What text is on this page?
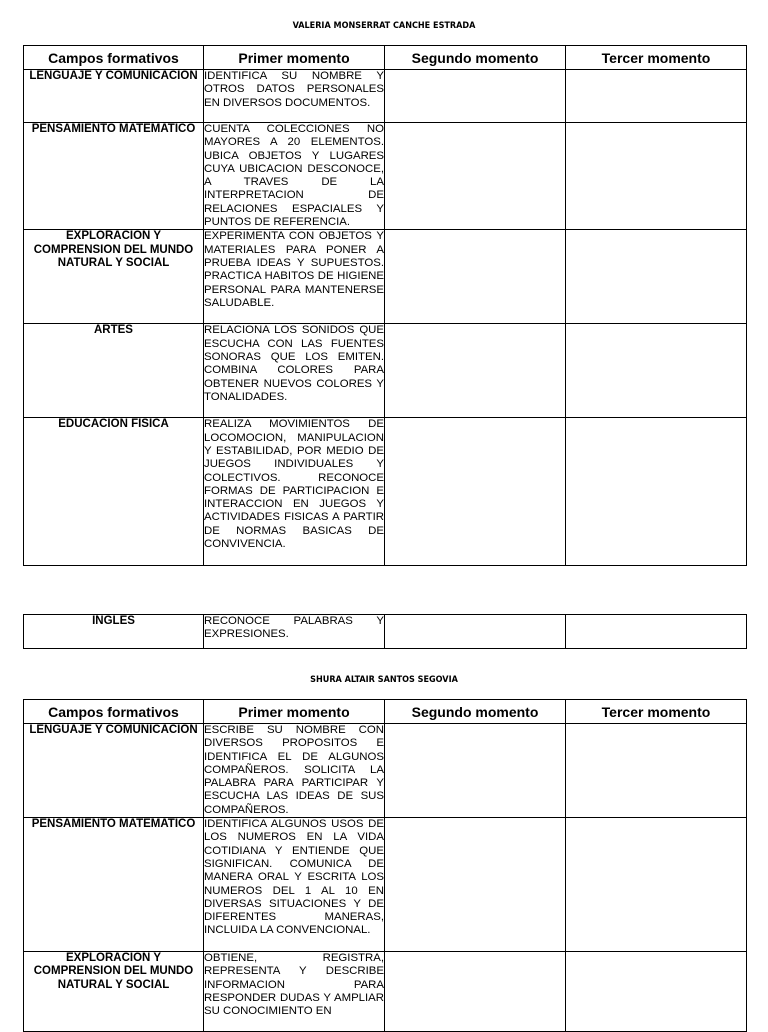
VALERIA MONSERRAT CANCHE ESTRADA
Campos formativos	Primer momento	Segundo momento	Tercer momento
LENGUAJE Y COMUNICACIÓN	IDENTIFICA SU NOMBRE Y OTROS DATOS PERSONALES EN DIVERSOS DOCUMENTOS.		
PENSAMIENTO MATEMATICO	CUENTA COLECCIONES NO MAYORES A 20 ELEMENTOS. UBICA OBJETOS Y LUGARES CUYA UBICACION DESCONOCE, A TRAVES DE LA INTERPRETACION DE RELACIONES ESPACIALES Y PUNTOS DE REFERENCIA.		
EXPLORACION Y COMPRENSION DEL MUNDO NATURAL Y SOCIAL	EXPERIMENTA CON OBJETOS Y MATERIALES PARA PONER A PRUEBA IDEAS Y SUPUESTOS. PRACTICA HABITOS DE HIGIENE PERSONAL PARA MANTENERSE SALUDABLE.		
ARTES	RELACIONA LOS SONIDOS QUE ESCUCHA CON LAS FUENTES SONORAS QUE LOS EMITEN. COMBINA COLORES PARA OBTENER NUEVOS COLORES Y TONALIDADES.		
EDUCACION FISICA	REALIZA MOVIMIENTOS DE LOCOMOCION, MANIPULACION Y ESTABILIDAD, POR MEDIO DE JUEGOS INDIVIDUALES Y COLECTIVOS. RECONOCE FORMAS DE PARTICIPACION E INTERACCION EN JUEGOS Y ACTIVIDADES FISICAS A PARTIR DE NORMAS BASICAS DE CONVIVENCIA.		
INGLES	RECONOCE PALABRAS Y EXPRESIONES.		
SHURA ALTAIR SANTOS SEGOVIA
Campos formativos	Primer momento	Segundo momento	Tercer momento
LENGUAJE Y COMUNICACIÓN	ESCRIBE SU NOMBRE CON DIVERSOS PROPOSITOS E IDENTIFICA EL DE ALGUNOS COMPAÑEROS. SOLICITA LA PALABRA PARA PARTICIPAR Y ESCUCHA LAS IDEAS DE SUS COMPAÑEROS.		
PENSAMIENTO MATEMATICO	IDENTIFICA ALGUNOS USOS DE LOS NUMEROS EN LA VIDA COTIDIANA Y ENTIENDE QUE SIGNIFICAN. COMUNICA DE MANERA ORAL Y ESCRITA LOS NUMEROS DEL 1 AL 10 EN DIVERSAS SITUACIONES Y DE DIFERENTES MANERAS, INCLUIDA LA CONVENCIONAL.		
EXPLORACION Y COMPRENSION DEL MUNDO NATURAL Y SOCIAL	OBTIENE, REGISTRA, REPRESENTA Y DESCRIBE INFORMACION PARA RESPONDER DUDAS Y AMPLIAR SU CONOCIMIENTO EN		
